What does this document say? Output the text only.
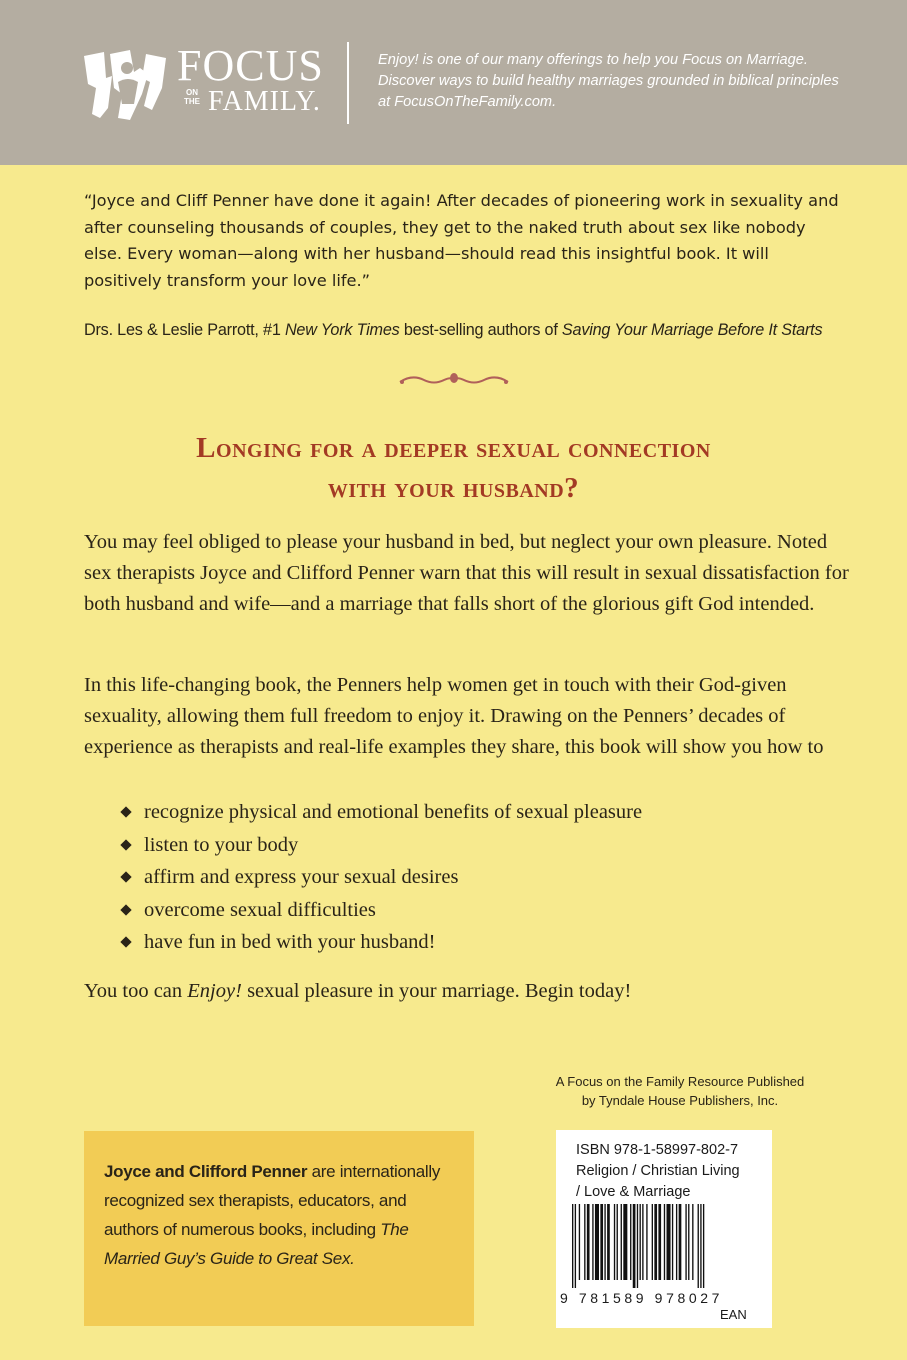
FOCUS
ON THE FAMILY.

Enjoy! is one of our many offerings to help you Focus on Marriage. Discover ways to build healthy marriages grounded in biblical principles at FocusOnTheFamily.com.

“Joyce and Cliff Penner have done it again! After decades of pioneering work in sexuality and after counseling thousands of couples, they get to the naked truth about sex like nobody else. Every woman—along with her husband—should read this insightful book. It will positively transform your love life.”

Drs. Les & Leslie Parrott, #1 New York Times best-selling authors of Saving Your Marriage Before It Starts

Longing for a deeper sexual connection
with your husband?

You may feel obliged to please your husband in bed, but neglect your own pleasure. Noted sex therapists Joyce and Clifford Penner warn that this will result in sexual dissatisfaction for both husband and wife—and a marriage that falls short of the glorious gift God intended.

In this life-changing book, the Penners help women get in touch with their God-given sexuality, allowing them full freedom to enjoy it. Drawing on the Penners’ decades of experience as therapists and real-life examples they share, this book will show you how to

recognize physical and emotional benefits of sexual pleasure
listen to your body
affirm and express your sexual desires
overcome sexual difficulties
have fun in bed with your husband!

You too can Enjoy! sexual pleasure in your marriage. Begin today!

A Focus on the Family Resource Published
by Tyndale House Publishers, Inc.

Joyce and Clifford Penner are internationally recognized sex therapists, educators, and authors of numerous books, including The Married Guy’s Guide to Great Sex.

ISBN 978-1-58997-802-7
Religion / Christian Living
/ Love & Marriage
9 781589 978027
EAN
